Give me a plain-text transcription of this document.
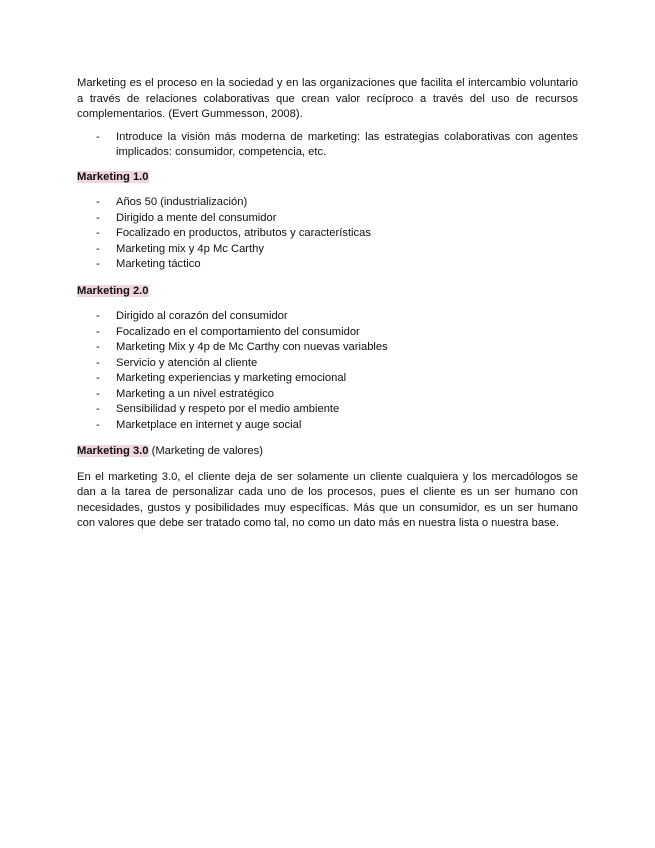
Marketing es el proceso en la sociedad y en las organizaciones que facilita el intercambio voluntario a través de relaciones colaborativas que crean valor recíproco a través del uso de recursos complementarios. (Evert Gummesson, 2008).

-	Introduce la visión más moderna de marketing: las estrategias colaborativas con agentes implicados: consumidor, competencia, etc.
Marketing 1.0
-	Años 50 (industrialización)
-	Dirigido a mente del consumidor
-	Focalizado en productos, atributos y características
-	Marketing mix y 4p Mc Carthy
-	Marketing táctico
Marketing 2.0
-	Dirigido al corazón del consumidor
-	Focalizado en el comportamiento del consumidor
-	Marketing Mix y 4p de Mc Carthy con nuevas variables
-	Servicio y atención al cliente
-	Marketing experiencias y marketing emocional
-	Marketing a un nivel estratégico
-	Sensibilidad y respeto por el medio ambiente
-	Marketplace en internet y auge social
Marketing 3.0 (Marketing de valores)

En el marketing 3.0, el cliente deja de ser solamente un cliente cualquiera y los mercadólogos se dan a la tarea de personalizar cada uno de los procesos, pues el cliente es un ser humano con necesidades, gustos y posibilidades muy específicas. Más que un consumidor, es un ser humano con valores que debe ser tratado como tal, no como un dato más en nuestra lista o nuestra base.
